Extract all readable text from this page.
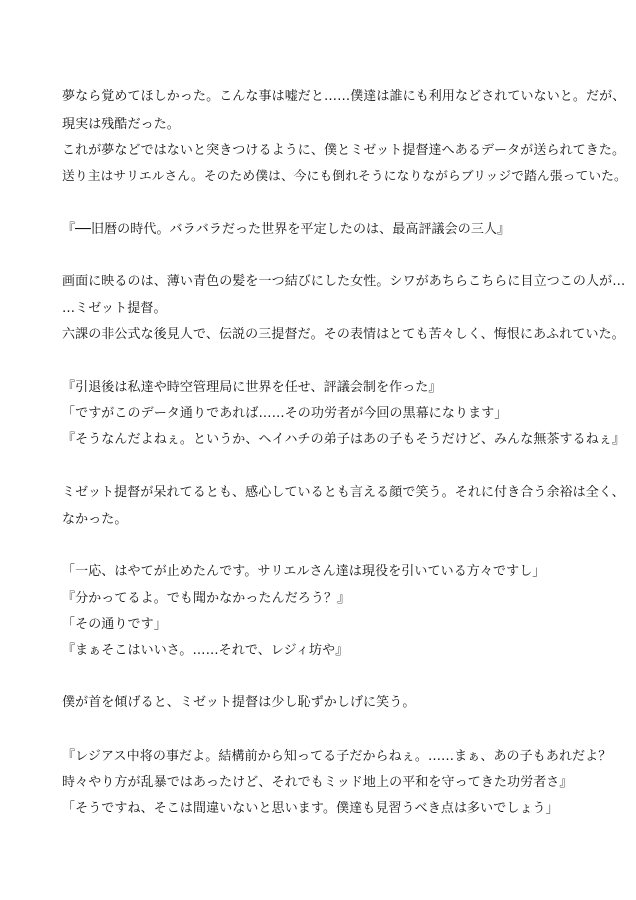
夢なら覚めてほしかった。こんな事は嘘だと……僕達は誰にも利用などされていないと。だが、

現実は残酷だった。

これが夢などではないと突きつけるように、僕とミゼット提督達へあるデータが送られてきた。

送り主はサリエルさん。そのため僕は、今にも倒れそうになりながらブリッジで踏ん張っていた。

『──旧暦の時代。バラバラだった世界を平定したのは、最高評議会の三人』

画面に映るのは、薄い青色の髪を一つ結びにした女性。シワがあちらこちらに目立つこの人が…

…ミゼット提督。

六課の非公式な後見人で、伝説の三提督だ。その表情はとても苦々しく、悔恨にあふれていた。

『引退後は私達や時空管理局に世界を任せ、評議会制を作った』

「ですがこのデータ通りであれば……その功労者が今回の黒幕になります」

『そうなんだよねぇ。というか、ヘイハチの弟子はあの子もそうだけど、みんな無茶するねぇ』

ミゼット提督が呆れてるとも、感心しているとも言える顔で笑う。それに付き合う余裕は全く、

なかった。

「一応、はやてが止めたんです。サリエルさん達は現役を引いている方々ですし」

『分かってるよ。でも聞かなかったんだろう？』

「その通りです」

『まぁそこはいいさ。……それで、レジィ坊や』

僕が首を傾げると、ミゼット提督は少し恥ずかしげに笑う。

『レジアス中将の事だよ。結構前から知ってる子だからねぇ。……まぁ、あの子もあれだよ？

時々やり方が乱暴ではあったけど、それでもミッド地上の平和を守ってきた功労者さ』

「そうですね、そこは間違いないと思います。僕達も見習うべき点は多いでしょう」
